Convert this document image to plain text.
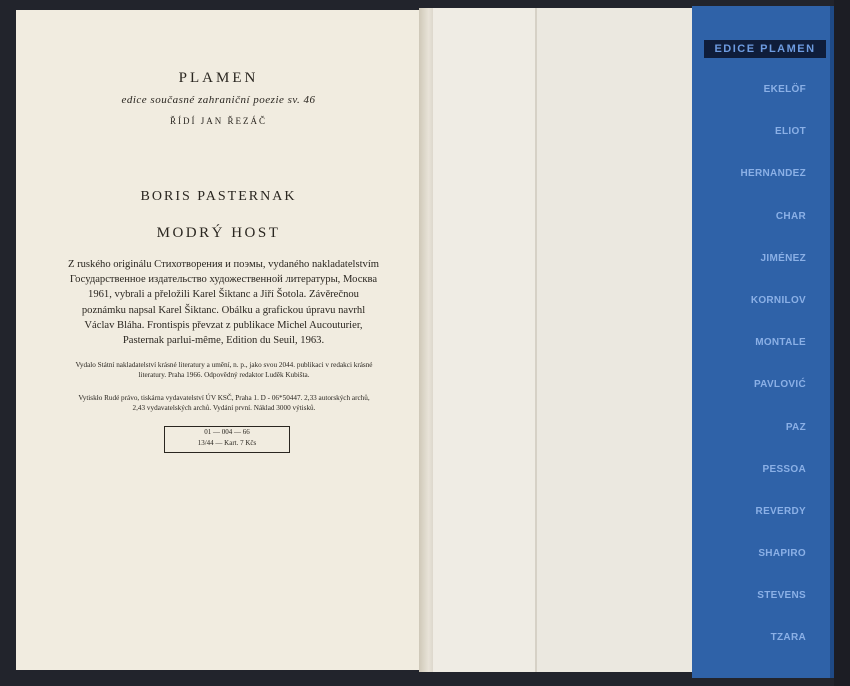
PLAMEN
edice současné zahraniční poezie sv. 46
ŘÍDÍ JAN ŘEZÁČ
BORIS PASTERNAK
MODRÝ HOST
Z ruského originálu Стихотворения и поэмы, vydaného nakladatelstvím Государственное издательство художественной литературы, Москва 1961, vybrali a přeložili Karel Šiktanc a Jiří Šotola. Závěrečnou poznámku napsal Karel Šiktanc. Obálku a grafickou úpravu navrhl Václav Bláha. Frontispis převzat z publikace Michel Aucouturier, Pasternak parlui-même, Edition du Seuil, 1963.
Vydalo Státní nakladatelství krásné literatury a umění, n. p., jako svou 2044. publikaci v redakci krásné literatury. Praha 1966. Odpovědný redaktor Luděk Kubišta.
Vytiskło Rudé právo, tiskárna vydavatelství ÚV KSČ, Praha 1. D - 06*50447. 2,33 autorských archů, 2,43 vydavatelských archů. Vydání první. Náklad 3000 výtisků.
01 — 004 — 66
13/44 — Kart. 7 Kčs
EDICE PLAMEN
EKELÖF
ELIOT
HERNANDEZ
CHAR
JIMÉNEZ
KORNILOV
MONTALE
PAVLOVIĆ
PAZ
PESSOA
REVERDY
SHAPIRO
STEVENS
TZARA
